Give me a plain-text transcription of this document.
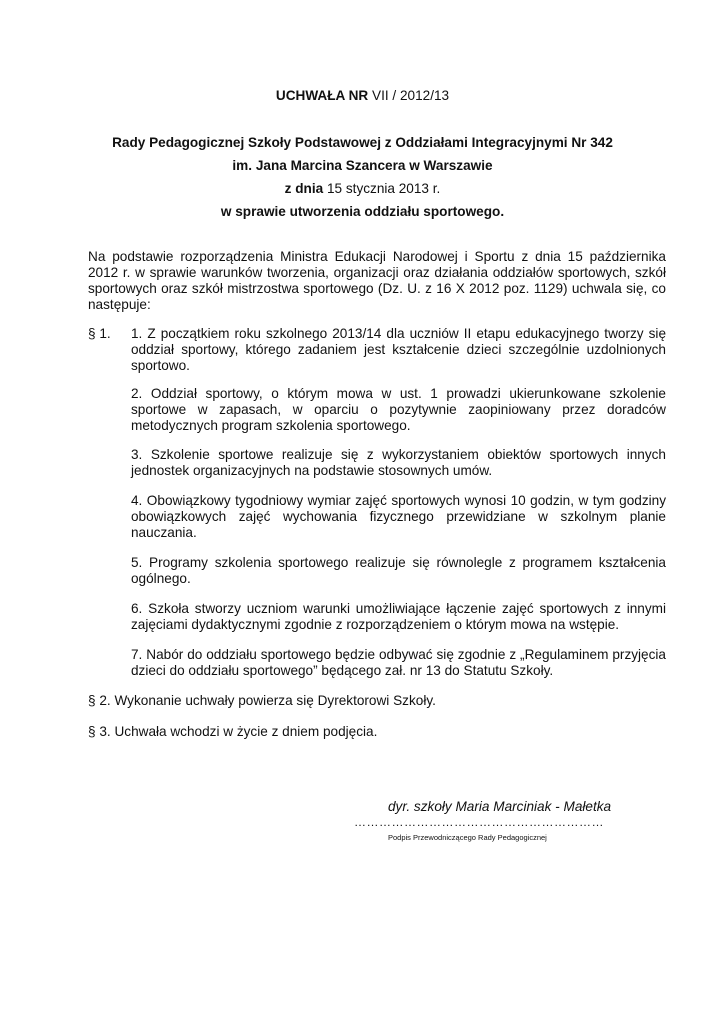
UCHWAŁA NR VII / 2012/13
Rady Pedagogicznej Szkoły Podstawowej z Oddziałami Integracyjnymi Nr 342
im. Jana Marcina Szancera w Warszawie
z dnia 15 stycznia 2013 r.
w sprawie utworzenia oddziału sportowego.
Na podstawie rozporządzenia Ministra Edukacji Narodowej i Sportu z dnia 15 października 2012 r. w sprawie warunków tworzenia, organizacji oraz działania oddziałów sportowych, szkół sportowych oraz szkół mistrzostwa sportowego (Dz. U. z 16 X 2012 poz. 1129) uchwala się, co następuje:
§ 1. 1. Z początkiem roku szkolnego 2013/14 dla uczniów II etapu edukacyjnego tworzy się oddział sportowy, którego zadaniem jest kształcenie dzieci szczególnie uzdolnionych sportowo.
2. Oddział sportowy, o którym mowa w ust. 1 prowadzi ukierunkowane szkolenie sportowe w zapasach, w oparciu o pozytywnie zaopiniowany przez doradców metodycznych program szkolenia sportowego.
3. Szkolenie sportowe realizuje się z wykorzystaniem obiektów sportowych innych jednostek organizacyjnych na podstawie stosownych umów.
4. Obowiązkowy tygodniowy wymiar zajęć sportowych wynosi 10 godzin, w tym godziny obowiązkowych zajęć wychowania fizycznego przewidziane w szkolnym planie nauczania.
5. Programy szkolenia sportowego realizuje się równolegle z programem kształcenia ogólnego.
6. Szkoła stworzy uczniom warunki umożliwiające łączenie zajęć sportowych z innymi zajęciami dydaktycznymi zgodnie z rozporządzeniem o którym mowa na wstępie.
7. Nabór do oddziału sportowego będzie odbywać się zgodnie z „Regulaminem przyjęcia dzieci do oddziału sportowego” będącego zał. nr 13 do Statutu Szkoły.
§ 2. Wykonanie uchwały powierza się Dyrektorowi Szkoły.
§ 3. Uchwała wchodzi w życie z dniem podjęcia.
dyr. szkoły Maria Marciniak - Małetka
……………………………………………………
Podpis Przewodniczącego Rady Pedagogicznej
